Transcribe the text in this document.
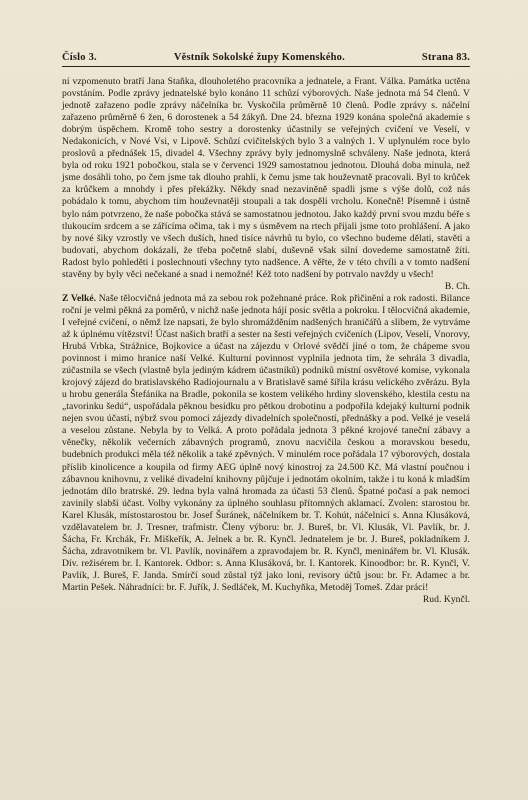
Číslo 3.	Věstník Sokolské župy Komenského.	Strana 83.

ní vzpomenuto bratří Jana Staňka, dlouholetého pracovníka a jednatele, a Frant. Válka. Památka uctěna povstáním. Podle zprávy jednatelské bylo konáno 11 schůzí výborových. Naše jednota má 54 členů. V jednotě zařazeno podle zprávy náčelníka br. Vyskočila průměrně 10 členů. Podle zprávy s. náčelní zařazeno průměrně 6 žen, 6 dorostenek a 54 žákyň. Dne 24. března 1929 konána společná akademie s dobrým úspěchem. Kromě toho sestry a dorostenky účastnily se veřejných cvičení ve Veselí, v Nedakonicích, v Nové Vsi, v Lipově. Schůzí cvičitelských bylo 3 a valných 1. V uplynulém roce bylo proslovů a přednášek 15, divadel 4. Všechny zprávy byly jednomyslně schváleny. Naše jednota, která byla od roku 1921 pobočkou, stala se v červenci 1929 samostatnou jednotou. Dlouhá doba minula, než jsme dosáhli toho, po čem jsme tak dlouho prahli, k čemu jsme tak houževnatě pracovali. Byl to krůček za krůčkem a mnohdy i přes překážky. Někdy snad nezaviněně spadli jsme s výše dolů, což nás pobádalo k tomu, abychom tím houževnatěji stoupali a tak dospěli vrcholu. Konečně! Písemně i ústně bylo nám potvrzeno, že naše pobočka stává se samostatnou jednotou. Jako každý první svou mzdu béře s tlukoucím srdcem a se zářícíma očima, tak i my s úsměvem na rtech přijali jsme toto prohlášení. A jako by nové šiky vzrostly ve všech duších, hned tisíce návrhů tu bylo, co všechno budeme dělati, stavěti a budovati, abychom dokázali, že třeba početně slabí, duševně však silní dovedeme samostatně žíti. Radost bylo pohleděti i poslechnouti všechny tyto nadšence. A věřte, že v této chvíli a v tomto nadšení stavěny by byly věci nečekané a snad i nemožné! Kéž toto nadšení by potrvalo navždy u všech!

B. Ch.

Z Velké. Naše tělocvičná jednota má za sebou rok požehnané práce. Rok přičinění a rok radosti. Bilance roční je velmi pěkná za poměrů, v nichž naše jednota hájí posic světla a pokroku. I tělocvičná akademie, I veřejné cvičení, o němž lze napsati, že bylo shromážděním nadšených hraničářů a slibem, že vytrváme až k úplnému vítězství! Účast našich bratří a sester na šesti veřejných cvičeních (Lipov, Veselí, Vnorovy, Hrubá Vrbka, Strážnice, Bojkovice a účast na zájezdu v Orlové svědčí jiné o tom, že chápeme svou povinnost i mimo hranice naší Velké. Kulturní povinnost vyplnila jednota tím, že sehrála 3 divadla, zúčastnila se všech (vlastně byla jediným kádrem účastníků) podniků místní osvětové komise, vykonala krojový zájezd do bratislavského Radiojournalu a v Bratislavě samé šířila krásu velického zvěrázu. Byla u hrobu generála Štefánika na Bradle, pokonila se kostem velikého hrdiny slovenského, klestila cestu na „tavorinku šedú“, uspořádala pěknou besídku pro pětkou drobotinu a podpořila kdejaký kulturní podnik nejen svou účastí, nýbrž svou pomocí zájezdy divadelních společností, přednášky a pod. Velké je veselá a veselou zůstane. Nebyla by to Velká. A proto pořádala jednota 3 pěkné krojové taneční zábavy a věnečky, několik večerních zábavných programů, znovu nacvičila českou a moravskou besedu, budebních produkcí měla též několik a také zpěvných. V minulém roce pořádala 17 výborových, dostala příslib kinolicence a koupila od firmy AEG úplně nový kinostroj za 24.500 Kč. Má vlastní poučnou i zábavnou knihovnu, z veliké divadelní knihovny půjčuje i jednotám okolním, takže i tu koná k mladším jednotám dílo bratrské. 29. ledna byla valná hromada za účasti 53 členů. Špatné počasí a pak nemoci zavinily slabší účast. Volby vykonány za úplného souhlasu přítomných aklamací. Zvolen: starostou br. Karel Klusák, místostarostou br. Josef Šuránek, náčelníkem br. T. Kohút, náčelnicí s. Anna Klusáková, vzdělavatelem br. J. Tresner, trafmistr. Členy výboru: br. J. Bureš, br. Vl. Klusák, Vl. Pavlík, br. J. Šácha, Fr. Krchák, Fr. Miškeřík, A. Jelnek a br. R. Kynčl. Jednatelem je br. J. Bureš, pokladníkem J. Šácha, zdravotníkem br. Vl. Pavlík, novinářem a zpravodajem br. R. Kynčl, meninářem br. Vl. Klusák. Dív. režisérem br. I. Kantorek. Odbor: s. Anna Klusáková, br. I. Kantorek. Kinoodbor: br. R. Kynčl, V. Pavlík, J. Bureš, F. Janda. Smírčí soud zůstal týž jako loni, revisory účtů jsou: br. Fr. Adamec a br. Martin Pešek. Náhradníci: br. F. Juřík, J. Sedláček, M. Kuchyňka, Metoděj Tomeš. Zdar práci!

Rud. Kynčl.
